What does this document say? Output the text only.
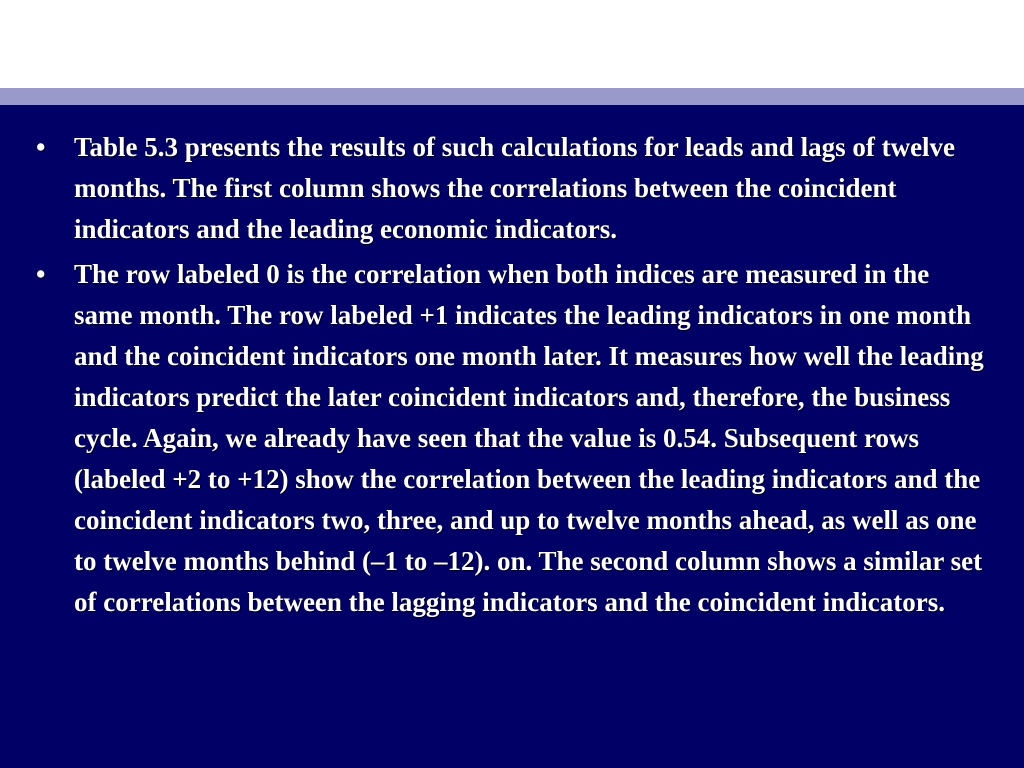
•	Table 5.3 presents the results of such calculations for leads and lags of twelve months. The first column shows the correlations between the coincident indicators and the leading economic indicators.
•	The row labeled 0 is the correlation when both indices are measured in the same month. The row labeled +1 indicates the leading indicators in one month and the coincident indicators one month later. It measures how well the leading indicators predict the later coincident indicators and, therefore, the business cycle. Again, we already have seen that the value is 0.54. Subsequent rows (labeled +2 to +12) show the correlation between the leading indicators and the coincident indicators two, three, and up to twelve months ahead, as well as one to twelve months behind (–1 to –12). on. The second column shows a similar set of correlations between the lagging indicators and the coincident indicators.
